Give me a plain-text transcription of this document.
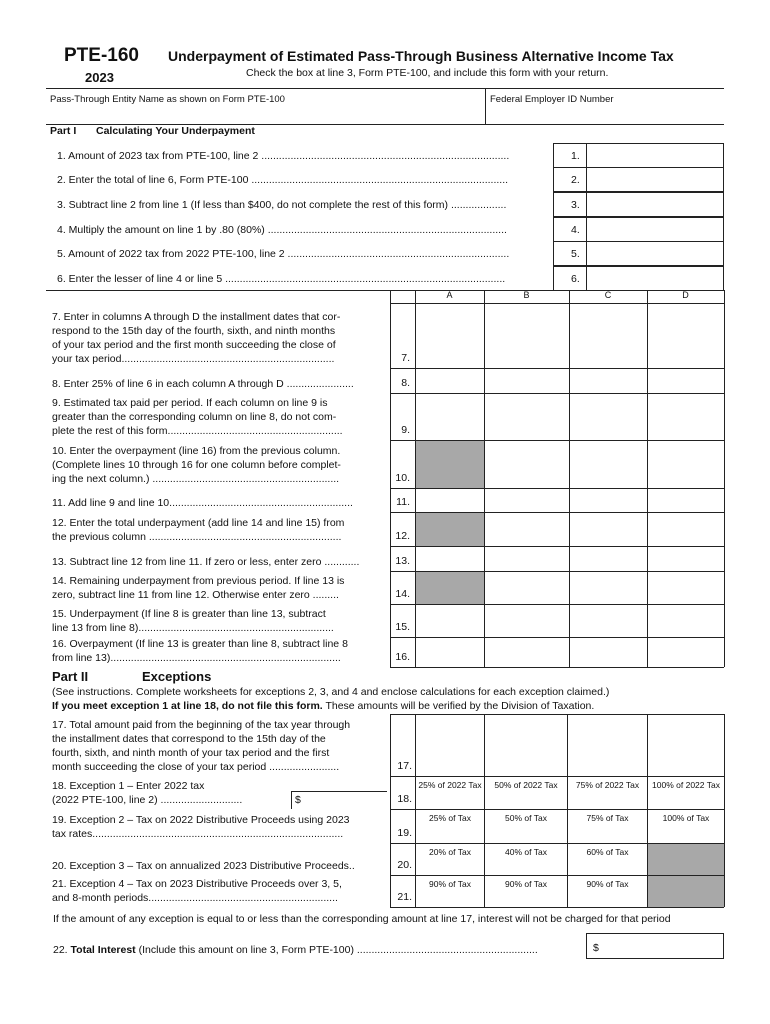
PTE-160
2023
Underpayment of Estimated Pass-Through Business Alternative Income Tax
Check the box at line 3, Form PTE-100, and include this form with your return.
Pass-Through Entity Name as shown on Form PTE-100	Federal Employer ID Number
Part I Calculating Your Underpayment
1. Amount of 2023 tax from PTE-100, line 2 .....................................................................................	1.
2. Enter the total of line 6, Form PTE-100 ........................................................................................	2.
3. Subtract line 2 from line 1 (If less than $400, do not complete the rest of this form) ...................	3.
4. Multiply the amount on line 1 by .80 (80%) ..................................................................................	4.
5. Amount of 2022 tax from 2022 PTE-100, line 2 ............................................................................	5.
6. Enter the lesser of line 4 or line 5 ................................................................................................	6.
A	B	C	D
7. Enter in columns A through D the installment dates that cor-
respond to the 15th day of the fourth, sixth, and ninth months
of your tax period and the first month succeeding the close of
your tax period.........................................................................	7.
8. Enter 25% of line 6 in each column A through D .......................	8.
9. Estimated tax paid per period. If each column on line 9 is
greater than the corresponding column on line 8, do not com-
plete the rest of this form............................................................	9.
10. Enter the overpayment (line 16) from the previous column.
(Complete lines 10 through 16 for one column before complet-
ing the next column.) ................................................................	10.
11. Add line 9 and line 10...............................................................	11.
12. Enter the total underpayment (add line 14 and line 15) from
the previous column ..................................................................	12.
13. Subtract line 12 from line 11. If zero or less, enter zero ............	13.
14. Remaining underpayment from previous period. If line 13 is
zero, subtract line 11 from line 12. Otherwise enter zero .........	14.
15. Underpayment (If line 8 is greater than line 13, subtract
line 13 from line 8)...................................................................	15.
16. Overpayment (If line 13 is greater than line 8, subtract line 8
from line 13)...............................................................................	16.
Part II	Exceptions
(See instructions. Complete worksheets for exceptions 2, 3, and 4 and enclose calculations for each exception claimed.)
If you meet exception 1 at line 18, do not file this form. These amounts will be verified by the Division of Taxation.
17. Total amount paid from the beginning of the tax year through
the installment dates that correspond to the 15th day of the
fourth, sixth, and ninth month of your tax period and the first
month succeeding the close of your tax period ........................	17.
18. Exception 1 – Enter 2022 tax
(2022 PTE-100, line 2) ............................	18.
$
25% of 2022 Tax	50% of 2022 Tax	75% of 2022 Tax	100% of 2022 Tax
19. Exception 2 – Tax on 2022 Distributive Proceeds using 2023
tax rates......................................................................................	19.
25% of Tax	50% of Tax	75% of Tax	100% of Tax
20. Exception 3 – Tax on annualized 2023 Distributive Proceeds..	20.
20% of Tax	40% of Tax	60% of Tax
21. Exception 4 – Tax on 2023 Distributive Proceeds over 3, 5,
and 8-month periods.................................................................	21.
90% of Tax	90% of Tax	90% of Tax
If the amount of any exception is equal to or less than the corresponding amount at line 17, interest will not be charged for that period
22. Total Interest (Include this amount on line 3, Form PTE-100) ..............................................................	$
